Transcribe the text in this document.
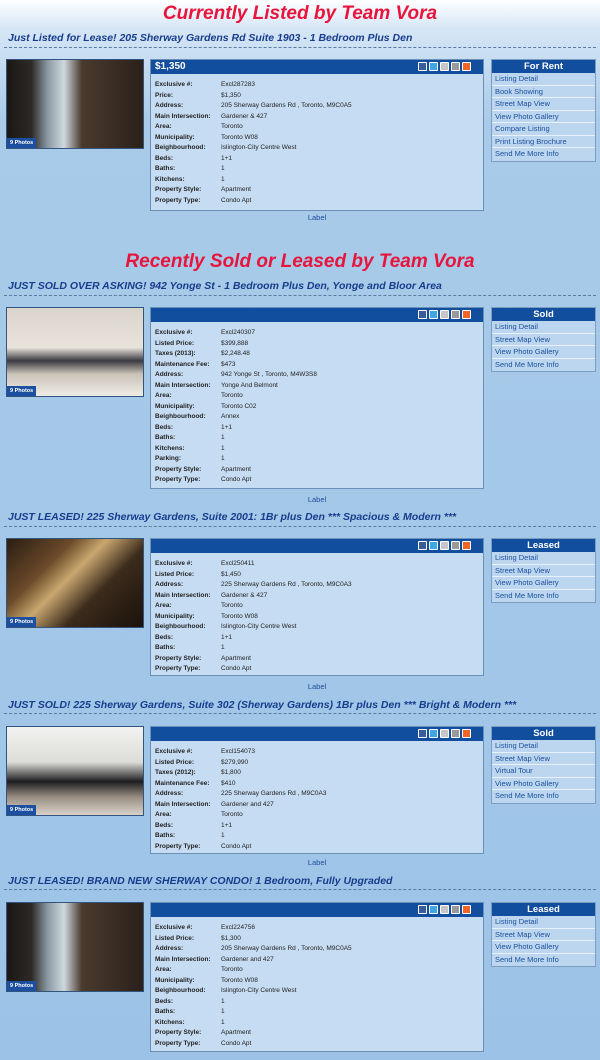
Currently Listed by Team Vora
Recently Sold or Leased by Team Vora
Just Listed for Lease! 205 Sherway Gardens Rd Suite 1903 - 1 Bedroom Plus Den
9 Photos
$1,350
Exclusive #:	Excl287283
Price:	$1,350
Address:	205 Sherway Gardens Rd , Toronto, M9C0A5
Main Intersection:	Gardener & 427
Area:	Toronto
Municipality:	Toronto W08
Beighbourhood:	Islington-City Centre West
Beds:	1+1
Baths:	1
Kitchens:	1
Property Style:	Apartment
Property Type:	Condo Apt
For Rent
Listing Detail
Book Showing
Street Map View
View Photo Gallery
Compare Listing
Print Listing Brochure
Send Me More Info
Label
JUST SOLD OVER ASKING! 942 Yonge St - 1 Bedroom Plus Den, Yonge and Bloor Area
9 Photos
Exclusive #:	Excl240307
Listed Price:	$399,888
Taxes (2013):	$2,248.48
Maintenance Fee:	$473
Address:	942 Yonge St , Toronto, M4W3S8
Main Intersection:	Yonge And Belmont
Area:	Toronto
Municipality:	Toronto C02
Beighbourhood:	Annex
Beds:	1+1
Baths:	1
Kitchens:	1
Parking:	1
Property Style:	Apartment
Property Type:	Condo Apt
Sold
Listing Detail
Street Map View
View Photo Gallery
Send Me More Info
Label
JUST LEASED! 225 Sherway Gardens, Suite 2001: 1Br plus Den *** Spacious & Modern ***
9 Photos
Exclusive #:	Excl250411
Listed Price:	$1,450
Address:	225 Sherway Gardens Rd , Toronto, M9C0A3
Main Intersection:	Gardener & 427
Area:	Toronto
Municipality:	Toronto W08
Beighbourhood:	Islington-City Centre West
Beds:	1+1
Baths:	1
Property Style:	Apartment
Property Type:	Condo Apt
Leased
Listing Detail
Street Map View
View Photo Gallery
Send Me More Info
Label
JUST SOLD! 225 Sherway Gardens, Suite 302 (Sherway Gardens) 1Br plus Den *** Bright & Modern ***
9 Photos
Exclusive #:	Excl154073
Listed Price:	$279,990
Taxes (2012):	$1,800
Maintenance Fee:	$410
Address:	225 Sherway Gardens Rd , M9C0A3
Main Intersection:	Gardener and 427
Area:	Toronto
Beds:	1+1
Baths:	1
Property Type:	Condo Apt
Sold
Listing Detail
Street Map View
Virtual Tour
View Photo Gallery
Send Me More Info
Label
JUST LEASED! BRAND NEW SHERWAY CONDO! 1 Bedroom, Fully Upgraded
9 Photos
Exclusive #:	Excl224756
Listed Price:	$1,300
Address:	205 Sherway Gardens Rd , Toronto, M9C0A5
Main Intersection:	Gardener and 427
Area:	Toronto
Municipality:	Toronto W08
Beighbourhood:	Islington-City Centre West
Beds:	1
Baths:	1
Kitchens:	1
Property Style:	Apartment
Property Type:	Condo Apt
Leased
Listing Detail
Street Map View
View Photo Gallery
Send Me More Info
